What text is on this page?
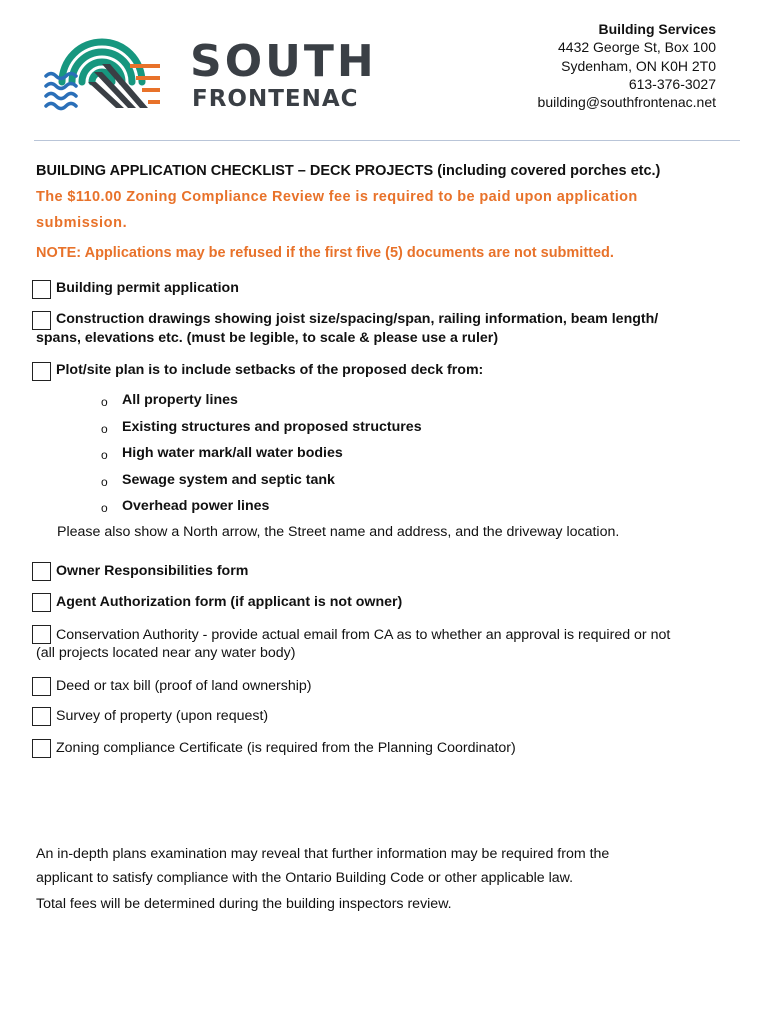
SOUTH
FRONTENAC
Building Services
4432 George St, Box 100
Sydenham, ON K0H 2T0
613-376-3027
building@southfrontenac.net
BUILDING APPLICATION CHECKLIST – DECK PROJECTS (including covered porches etc.)
The $110.00 Zoning Compliance Review fee is required to be paid upon application
submission.
NOTE: Applications may be refused if the first five (5) documents are not submitted.
Building permit application
Construction drawings showing joist size/spacing/span, railing information, beam length/
spans, elevations etc. (must be legible, to scale & please use a ruler)
Plot/site plan is to include setbacks of the proposed deck from:
o All property lines
o Existing structures and proposed structures
o High water mark/all water bodies
o Sewage system and septic tank
o Overhead power lines
Please also show a North arrow, the Street name and address, and the driveway location.
Owner Responsibilities form
Agent Authorization form (if applicant is not owner)
Conservation Authority - provide actual email from CA as to whether an approval is required or not
(all projects located near any water body)
Deed or tax bill (proof of land ownership)
Survey of property (upon request)
Zoning compliance Certificate (is required from the Planning Coordinator)
An in-depth plans examination may reveal that further information may be required from the
applicant to satisfy compliance with the Ontario Building Code or other applicable law.
Total fees will be determined during the building inspectors review.
